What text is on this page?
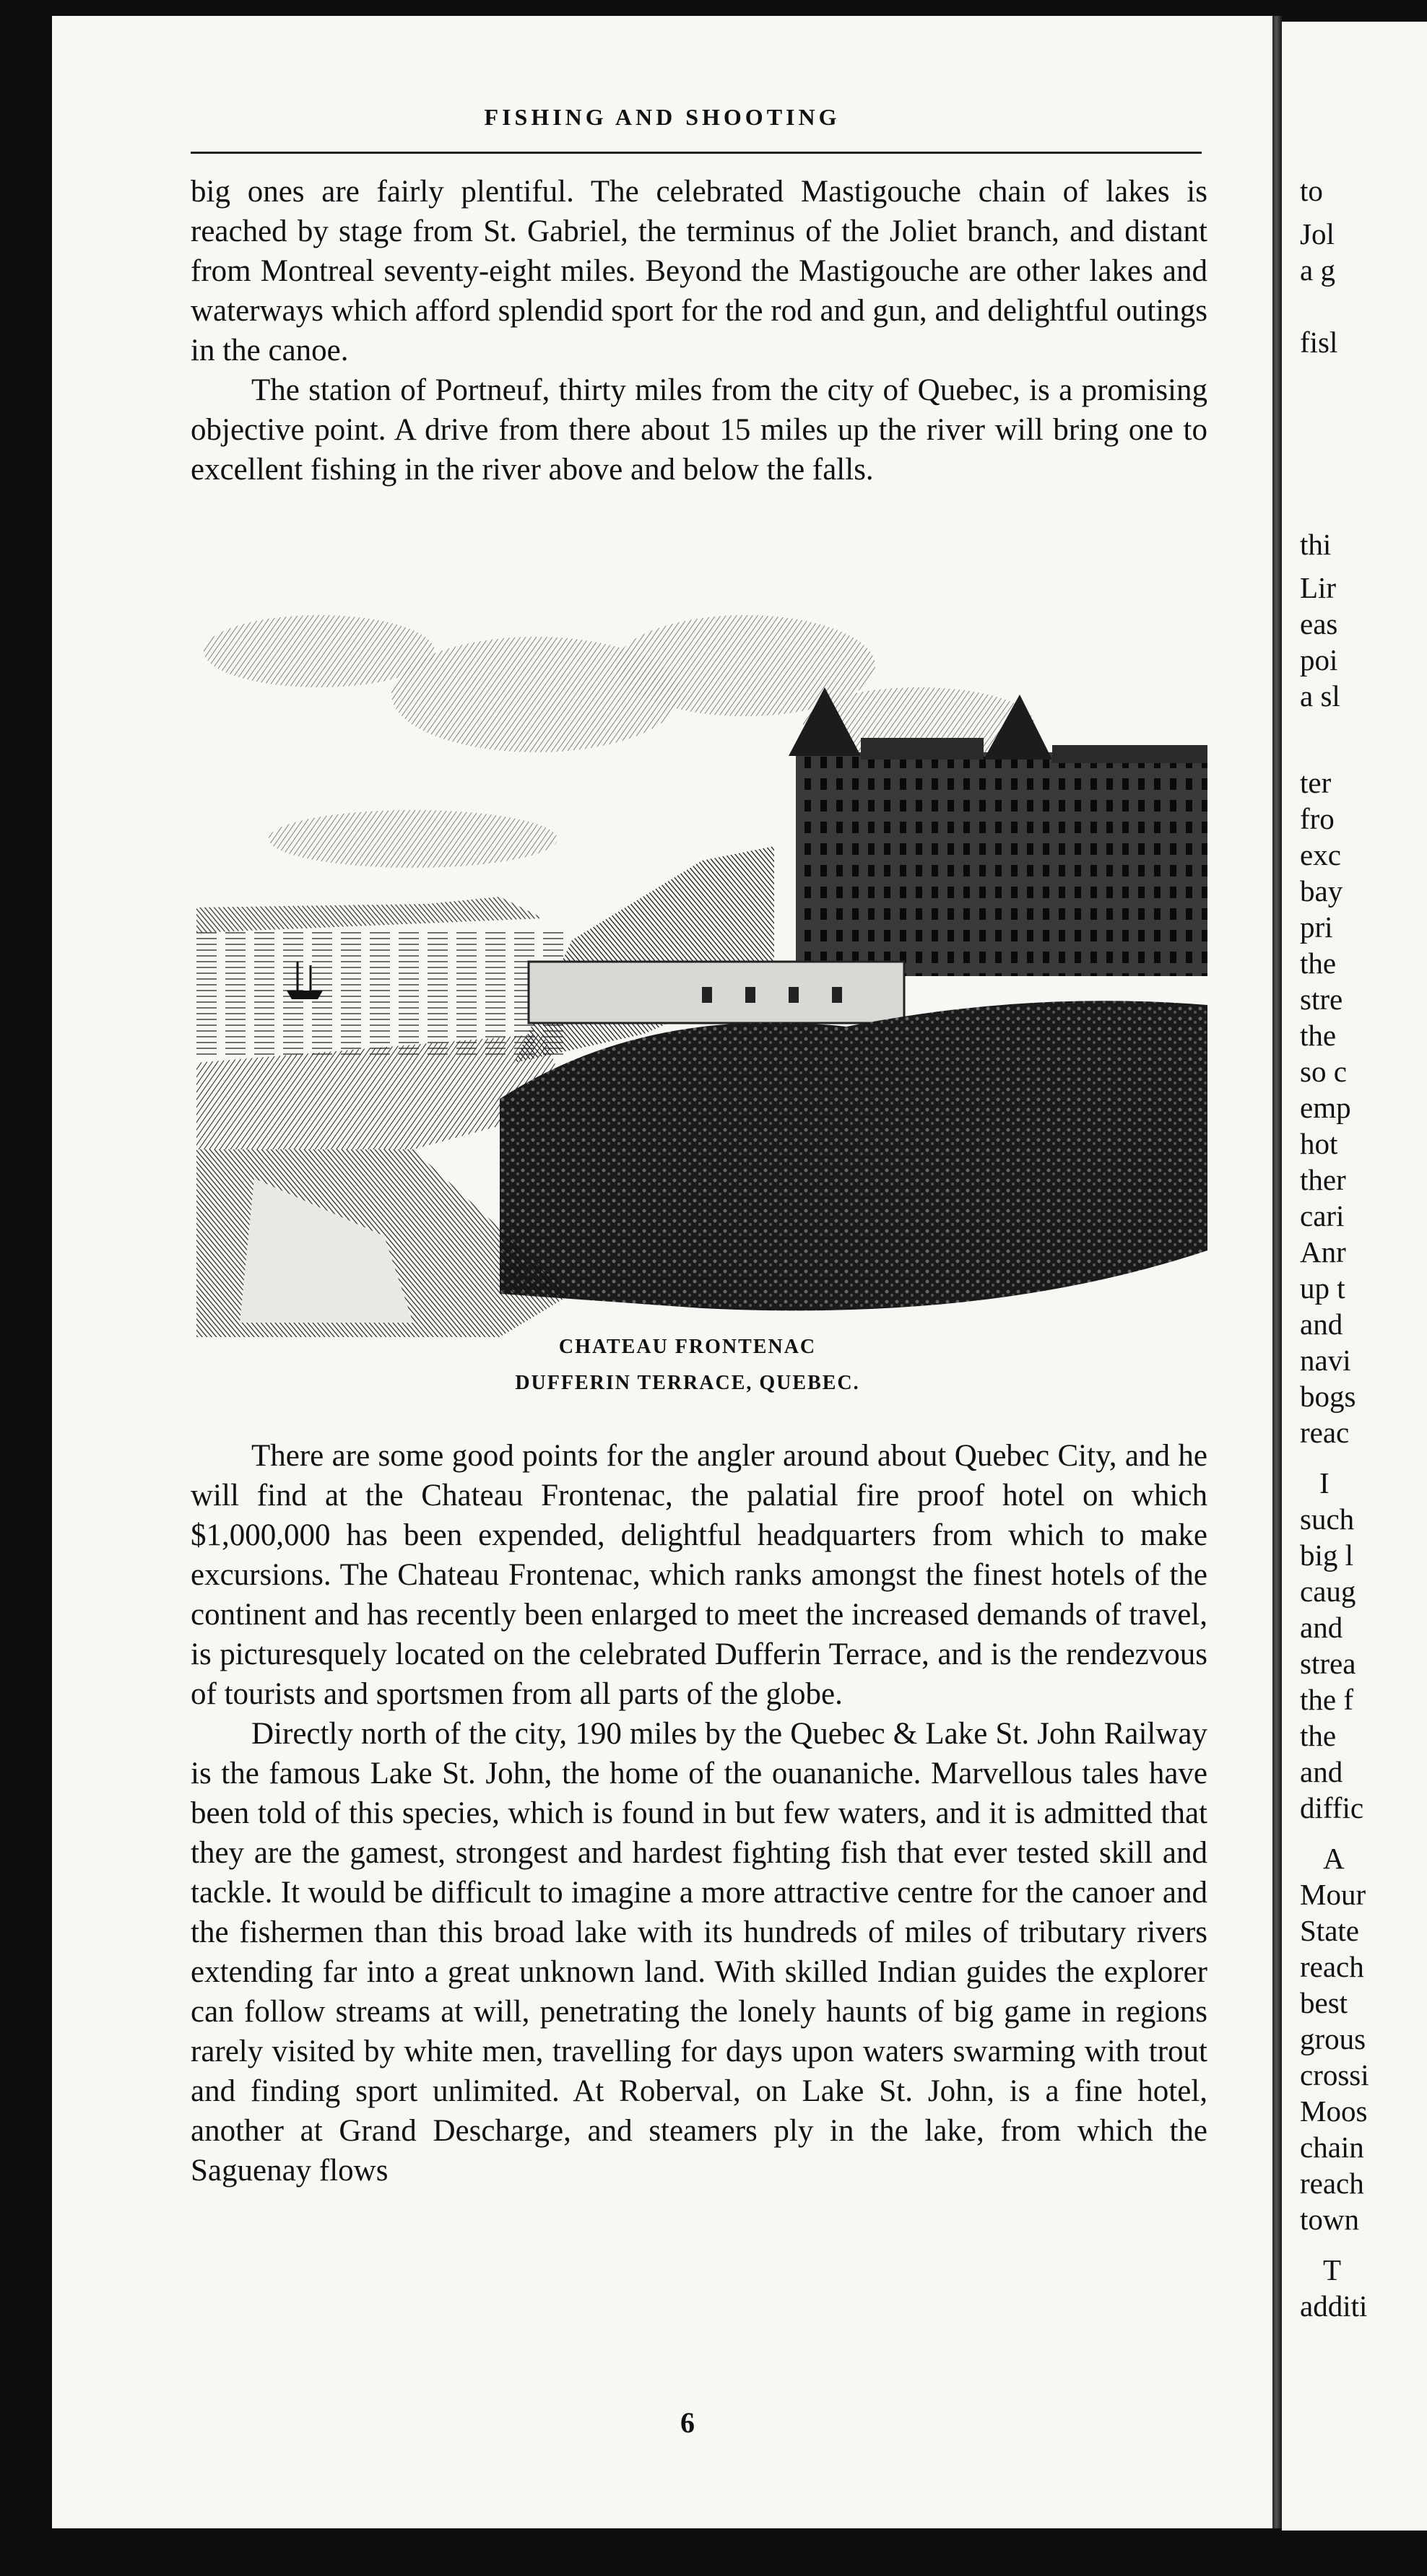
FISHING AND SHOOTING

big ones are fairly plentiful. The celebrated Mastigouche chain of lakes is reached by stage from St. Gabriel, the terminus of the Joliet branch, and distant from Montreal seventy-eight miles. Beyond the Mastigouche are other lakes and waterways which afford splendid sport for the rod and gun, and delightful outings in the canoe.

The station of Portneuf, thirty miles from the city of Quebec, is a promising objective point. A drive from there about 15 miles up the river will bring one to excellent fishing in the river above and below the falls.

CHATEAU FRONTENAC
DUFFERIN TERRACE, QUEBEC.

There are some good points for the angler around about Quebec City, and he will find at the Chateau Frontenac, the palatial fire proof hotel on which $1,000,000 has been expended, delightful headquarters from which to make excursions. The Chateau Frontenac, which ranks amongst the finest hotels of the continent and has recently been enlarged to meet the increased demands of travel, is picturesquely located on the celebrated Dufferin Terrace, and is the rendezvous of tourists and sportsmen from all parts of the globe.

Directly north of the city, 190 miles by the Quebec & Lake St. John Railway is the famous Lake St. John, the home of the ouananiche. Marvellous tales have been told of this species, which is found in but few waters, and it is admitted that they are the gamest, strongest and hardest fighting fish that ever tested skill and tackle. It would be difficult to imagine a more attractive centre for the canoer and the fishermen than this broad lake with its hundreds of miles of tributary rivers extending far into a great unknown land. With skilled Indian guides the explorer can follow streams at will, penetrating the lonely haunts of big game in regions rarely visited by white men, travelling for days upon waters swarming with trout and finding sport unlimited. At Roberval, on Lake St. John, is a fine hotel, another at Grand Descharge, and steamers ply in the lake, from which the Saguenay flows

6
to
Jol
a g
fisl
thi
Lir
eas
poi
a sl
ter
fro
exc
bay
pri
the
stre
the
so c
emp
hot
ther
cari
Anr
up t
and
navi
bogs
reac
I
such
big l
caug
and
strea
the f
the
and
diffic
A
Mour
State
reach
best
grous
crossi
Moos
chain
reach
town
T
additi
